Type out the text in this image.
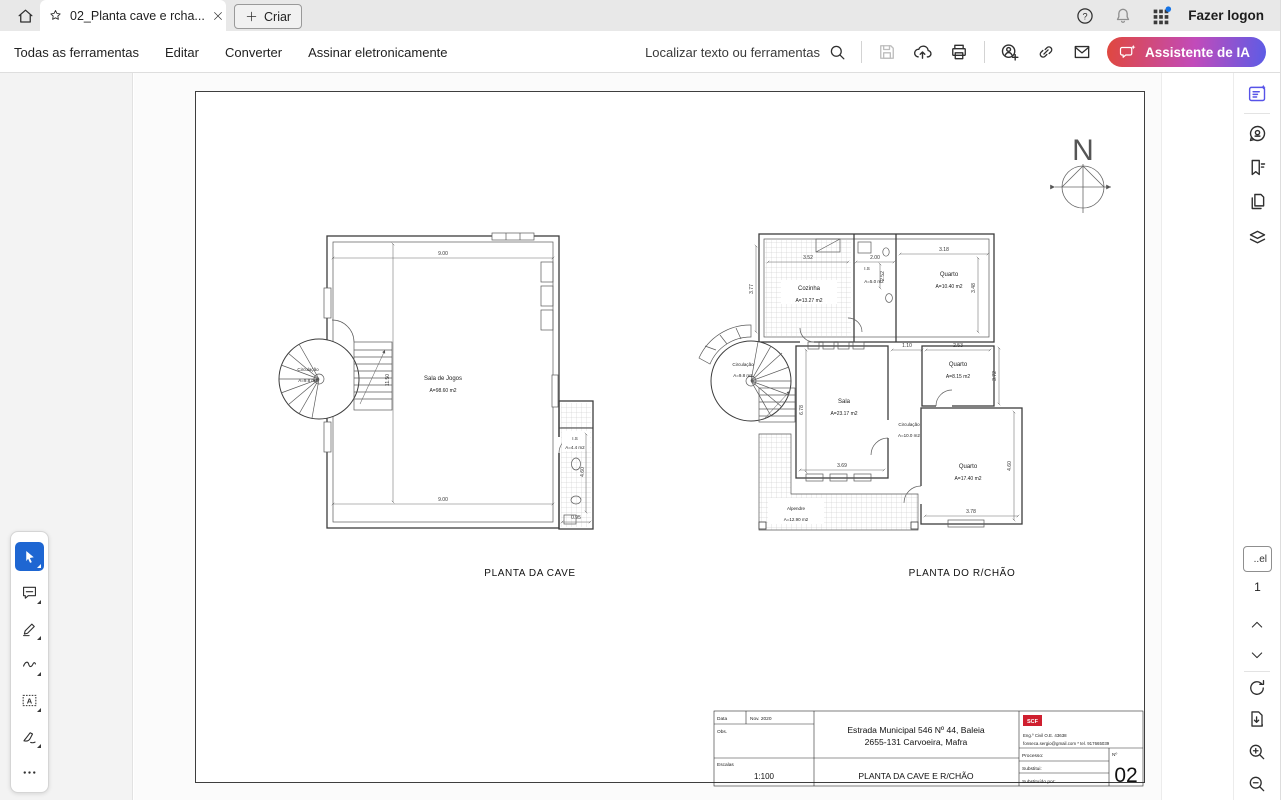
02_Planta cave e rcha...	Criar	?	Fazer logon
Todas as ferramentas Editar Converter Assinar eletronicamente	Localizar texto ou ferramentas	Assistente de IA
9.00
9.00
11.50
4.60
0.95
Sala de Jogos
A=98.60 m2
Circulação
A=9.8 m2
I.S
A=4.4 m2
PLANTA DA CAVE
3.52
3.77
2.00
2.52
3.18
3.48
1.10	2.53
3.72
6.78
3.69	4.60
3.78
Cozinha
A=13.27 m2
I.S
A=5.0 m2
Quarto
A=10.40 m2
Quarto
A=8.15 m2
Sala
A=23.17 m2
Circulação
A=9.8 m2
Circulação
A=10.0 m2
Quarto
A=17.40 m2
Alpendre
A=12.90 m2
PLANTA DO R/CHÃO
N
Data	Nov. 2020
Obs.
Escalas
1:100
Estrada Municipal 546 Nº 44, Baleia
2655-131 Carvoeira, Mafra
PLANTA DA CAVE E R/CHÃO
SCF
Eng.º Civil O.E. 43638
fonseca.sergio@gmail.com * tel. 917665039
Processo:	Nº
Substitui:
Substituído por:	02
..el
1
A
